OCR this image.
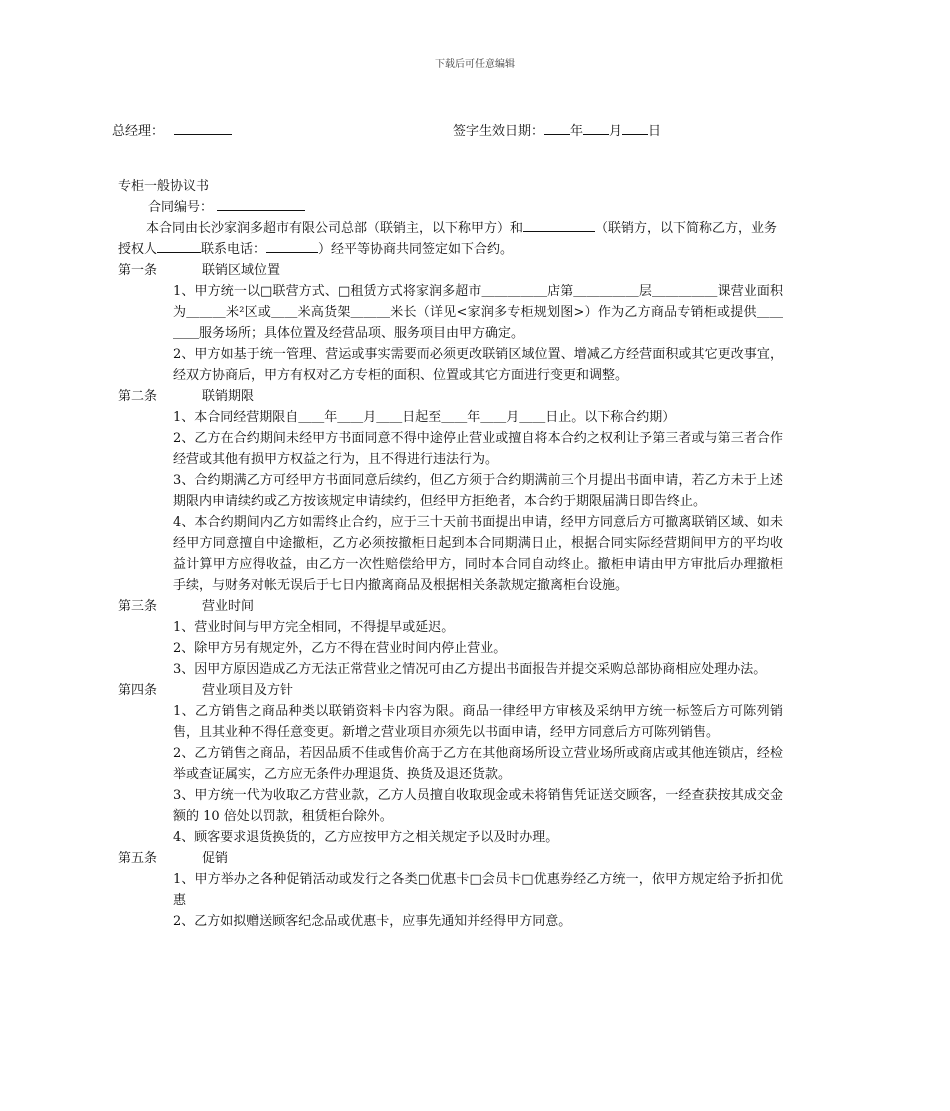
下载后可任意编辑
总经理：	签字生效日期： 年 月 日
专柜一般协议书
合同编号：
本合同由长沙家润多超市有限公司总部（联销主，以下称甲方）和	（联销方，以下简称乙方，业务授权人	联系电话：	）经平等协商共同签定如下合约。
第一条	联销区域位置
1、甲方统一以□联营方式、□租赁方式将家润多超市＿＿＿＿＿店第＿＿＿＿＿层＿＿＿＿＿课营业面积为＿＿＿米²区或＿＿米高货架＿＿＿米长（详见<家润多专柜规划图>）作为乙方商品专销柜或提供＿＿＿＿服务场所；具体位置及经营品项、服务项目由甲方确定。
2、甲方如基于统一管理、营运或事实需要而必须更改联销区域位置、增减乙方经营面积或其它更改事宜，经双方协商后，甲方有权对乙方专柜的面积、位置或其它方面进行变更和调整。
第二条	联销期限
1、本合同经营期限自＿＿年＿＿月＿＿日起至＿＿年＿＿月＿＿日止。以下称合约期）
2、乙方在合约期间未经甲方书面同意不得中途停止营业或擅自将本合约之权利让予第三者或与第三者合作经营或其他有损甲方权益之行为，且不得进行违法行为。
3、合约期满乙方可经甲方书面同意后续约，但乙方须于合约期满前三个月提出书面申请，若乙方未于上述期限内申请续约或乙方按该规定申请续约，但经甲方拒绝者，本合约于期限届满日即告终止。
4、本合约期间内乙方如需终止合约，应于三十天前书面提出申请，经甲方同意后方可撤离联销区域、如未经甲方同意擅自中途撤柜，乙方必须按撤柜日起到本合同期满日止，根据合同实际经营期间甲方的平均收益计算甲方应得收益，由乙方一次性赔偿给甲方，同时本合同自动终止。撤柜申请由甲方审批后办理撤柜手续，与财务对帐无误后于七日内撤离商品及根据相关条款规定撤离柜台设施。
第三条	营业时间
1、营业时间与甲方完全相同，不得提早或延迟。
2、除甲方另有规定外，乙方不得在营业时间内停止营业。
3、因甲方原因造成乙方无法正常营业之情况可由乙方提出书面报告并提交采购总部协商相应处理办法。
第四条	营业项目及方针
1、乙方销售之商品种类以联销资料卡内容为限。商品一律经甲方审核及采纳甲方统一标签后方可陈列销售，且其业种不得任意变更。新增之营业项目亦须先以书面申请，经甲方同意后方可陈列销售。
2、乙方销售之商品，若因品质不佳或售价高于乙方在其他商场所设立营业场所或商店或其他连锁店，经检举或查证属实，乙方应无条件办理退货、换货及退还货款。
3、甲方统一代为收取乙方营业款，乙方人员擅自收取现金或未将销售凭证送交顾客，一经查获按其成交金额的 10 倍处以罚款，租赁柜台除外。
4、顾客要求退货换货的，乙方应按甲方之相关规定予以及时办理。
第五条	促销
1、甲方举办之各种促销活动或发行之各类□优惠卡□会员卡□优惠券经乙方统一，依甲方规定给予折扣优惠
2、乙方如拟赠送顾客纪念品或优惠卡，应事先通知并经得甲方同意。
